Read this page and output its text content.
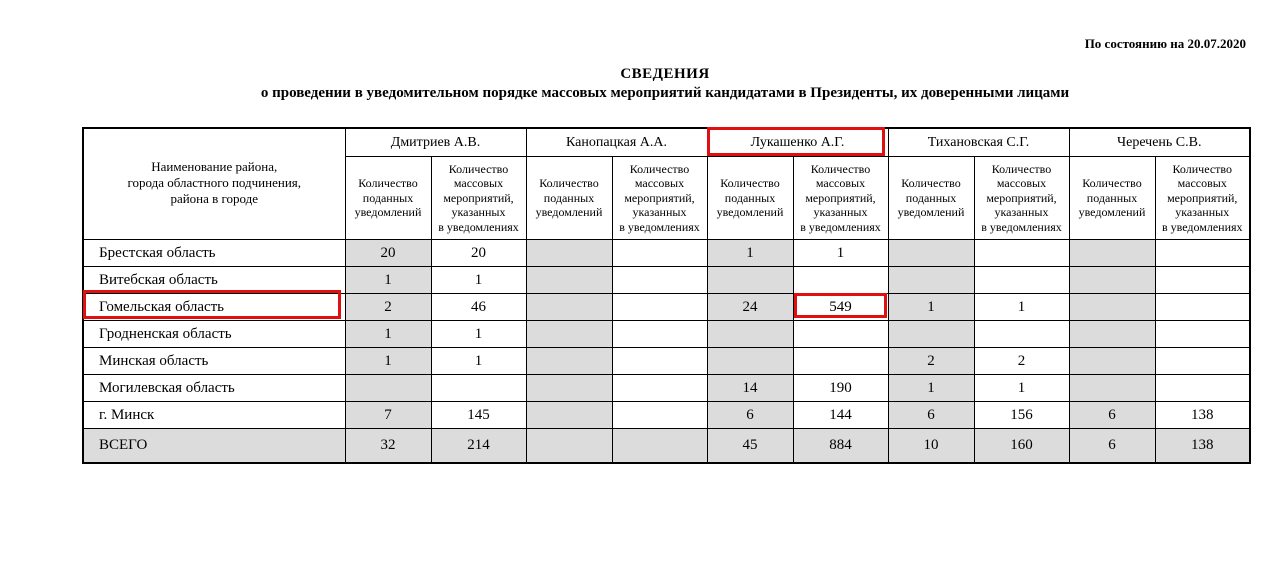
По состоянию на 20.07.2020
СВЕДЕНИЯ
о проведении в уведомительном порядке массовых мероприятий кандидатами в Президенты, их доверенными лицами
Наименование района,
города областного подчинения,
района в городе	Дмитриев А.В.		Канопацкая А.А.		Лукашенко А.Г.		Тихановская С.Г.		Черечень С.В.	
	Количество
поданных
уведомлений	Количество
массовых
мероприятий,
указанных
в уведомлениях	Количество
поданных
уведомлений	Количество
массовых
мероприятий,
указанных
в уведомлениях	Количество
поданных
уведомлений	Количество
массовых
мероприятий,
указанных
в уведомлениях	Количество
поданных
уведомлений	Количество
массовых
мероприятий,
указанных
в уведомлениях	Количество
поданных
уведомлений	Количество
массовых
мероприятий,
указанных
в уведомлениях
Брестская область	20	20			1	1				
Витебская область	1	1								
Гомельская область	2	46			24	549	1	1		
Гродненская область	1	1								
Минская область	1	1					2	2		
Могилевская область					14	190	1	1		
г. Минск	7	145			6	144	6	156	6	138
ВСЕГО	32	214			45	884	10	160	6	138
